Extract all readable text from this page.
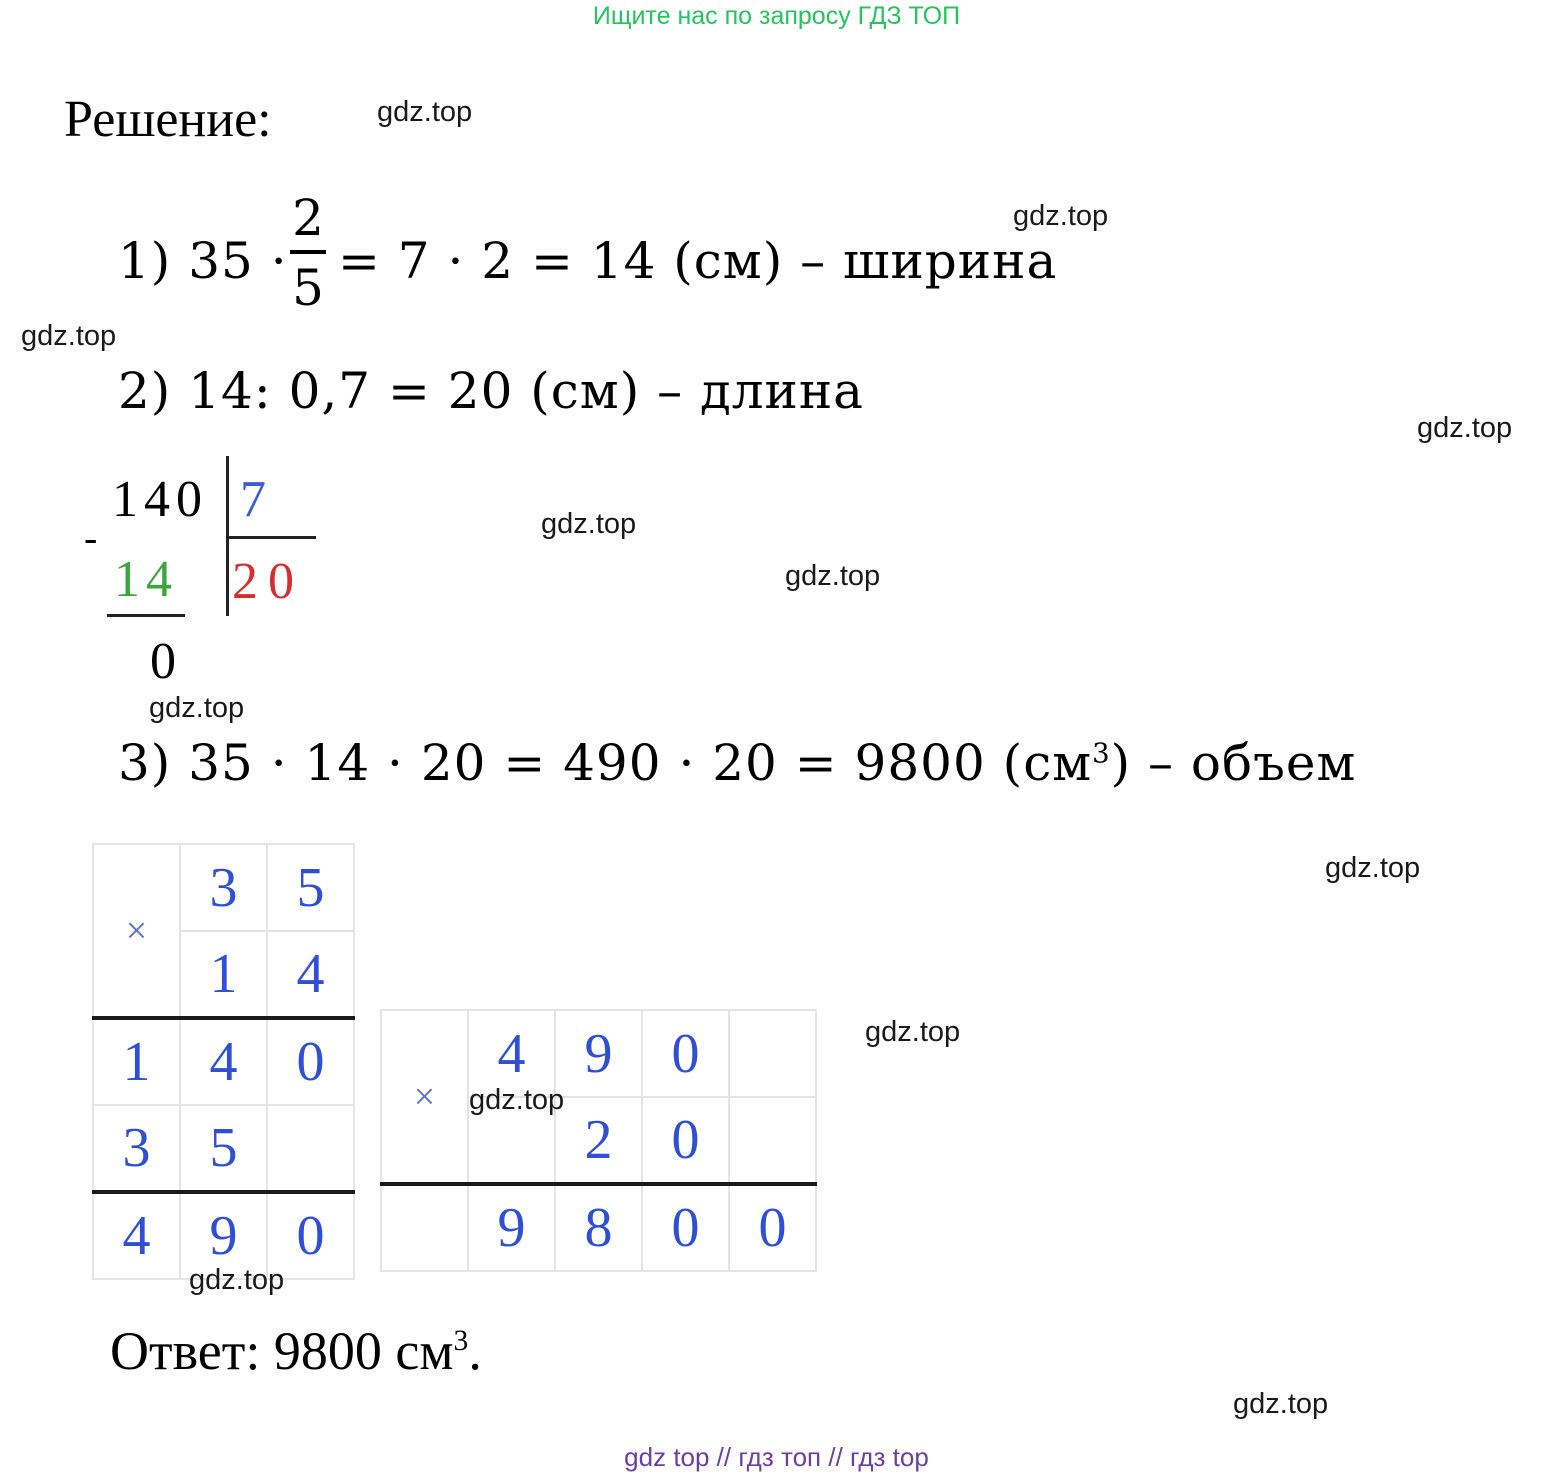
Ищите нас по запросу ГДЗ ТОП
Решение:
1) 35 ·
2
5 = 7 · 2 = 14 (см) – ширина
2) 14: 0,7 = 20 (см) – длина
140 7
-
14 20
0
3) 35 · 14 · 20 = 490 · 20 = 9800 $(см^3)$ – объем
×	3	5
	1	4
1	4	0
3	5	
4	9	0
×	4	9	0	
		2	0	
	9	8	0	0
Ответ: 9800 $см^3$.
gdz.top
gdz.top
gdz.top
gdz.top
gdz.top
gdz.top
gdz.top
gdz.top
gdz.top
gdz.top
gdz.top
gdz.top
gdz top // гдз топ // гдз top
